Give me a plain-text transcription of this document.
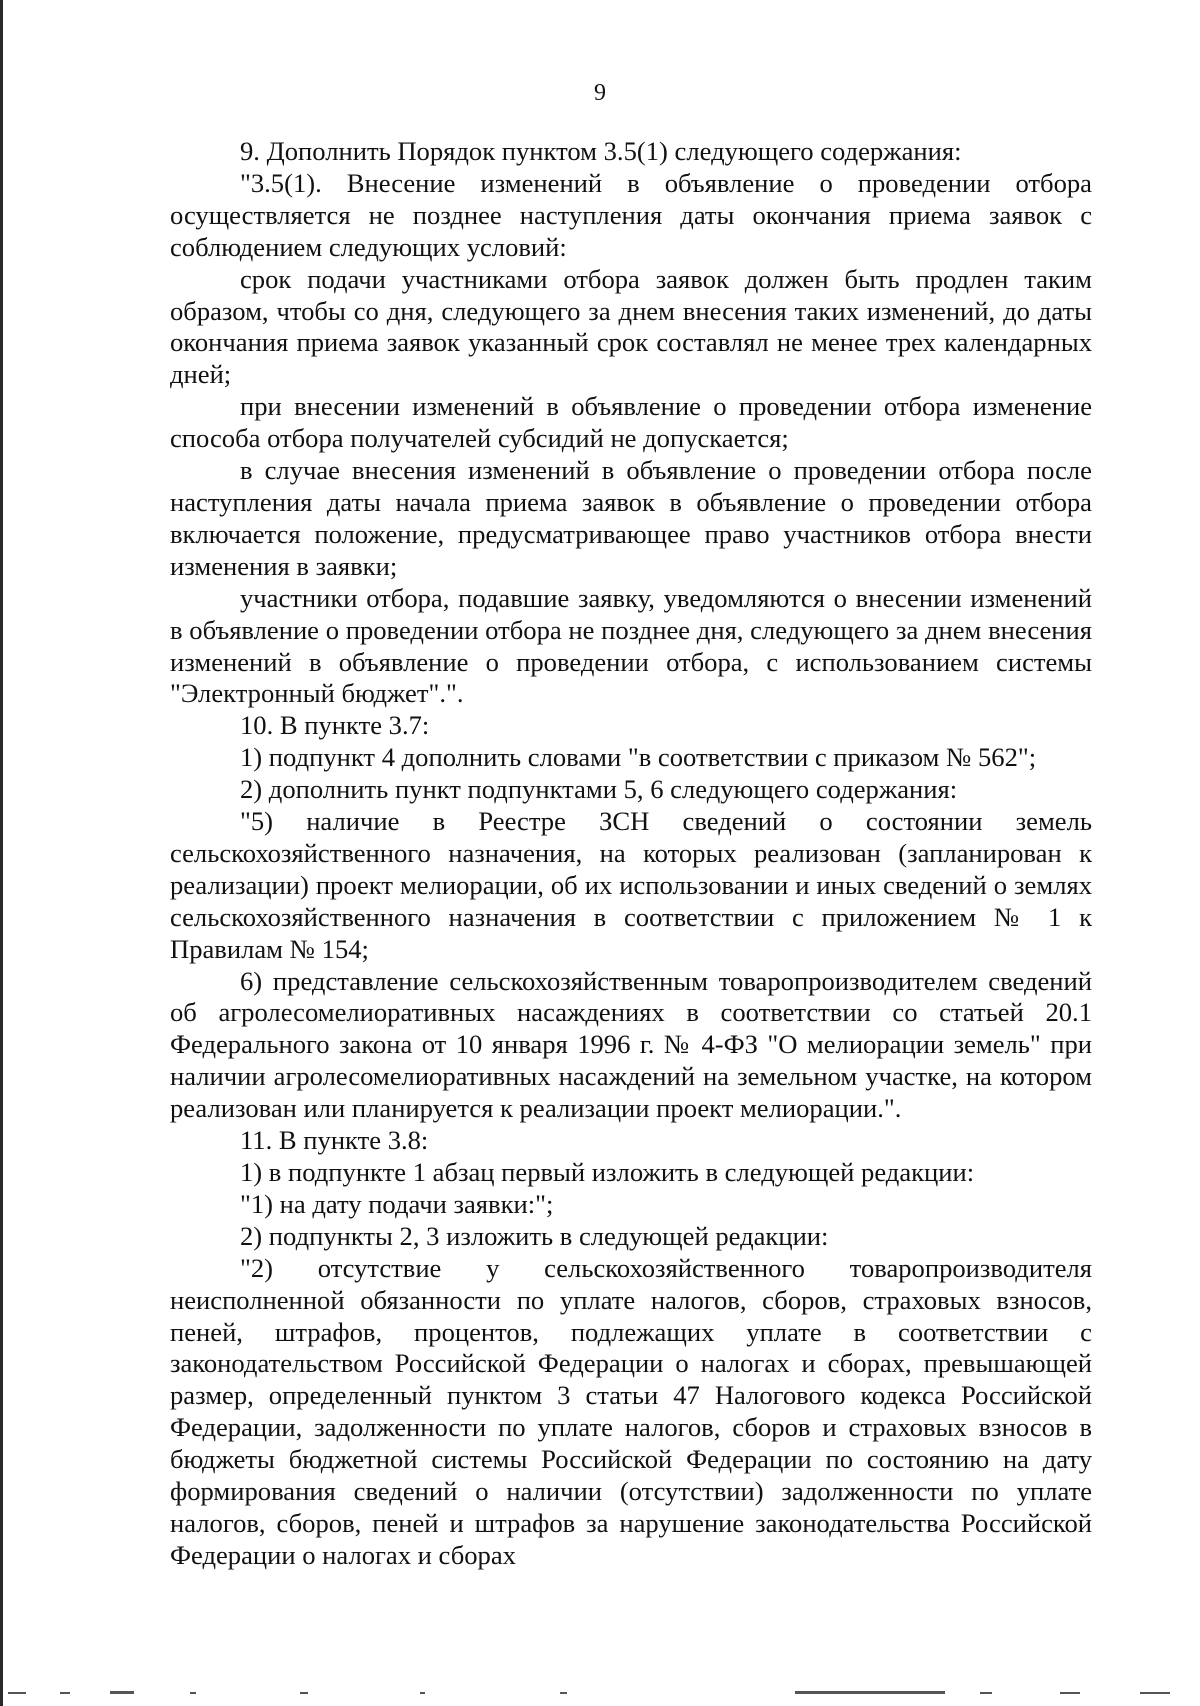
9

9. Дополнить Порядок пунктом 3.5(1) следующего содержания:

"3.5(1). Внесение изменений в объявление о проведении отбора осуществляется не позднее наступления даты окончания приема заявок с соблюдением следующих условий:

срок подачи участниками отбора заявок должен быть продлен таким образом, чтобы со дня, следующего за днем внесения таких изменений, до даты окончания приема заявок указанный срок составлял не менее трех календарных дней;

при внесении изменений в объявление о проведении отбора изменение способа отбора получателей субсидий не допускается;

в случае внесения изменений в объявление о проведении отбора после наступления даты начала приема заявок в объявление о проведении отбора включается положение, предусматривающее право участников отбора внести изменения в заявки;

участники отбора, подавшие заявку, уведомляются о внесении изменений в объявление о проведении отбора не позднее дня, следующего за днем внесения изменений в объявление о проведении отбора, с использованием системы "Электронный бюджет".".

10. В пункте 3.7:

1) подпункт 4 дополнить словами "в соответствии с приказом № 562";

2) дополнить пункт подпунктами 5, 6 следующего содержания:

"5) наличие в Реестре ЗСН сведений о состоянии земель сельскохозяйственного назначения, на которых реализован (запланирован к реализации) проект мелиорации, об их использовании и иных сведений о землях сельскохозяйственного назначения в соответствии с приложением № 1 к Правилам № 154;

6) представление сельскохозяйственным товаропроизводителем сведений об агролесомелиоративных насаждениях в соответствии со статьей 20.1 Федерального закона от 10 января 1996 г. № 4-ФЗ "О мелиорации земель" при наличии агролесомелиоративных насаждений на земельном участке, на котором реализован или планируется к реализации проект мелиорации.".

11. В пункте 3.8:

1) в подпункте 1 абзац первый изложить в следующей редакции:

"1) на дату подачи заявки:";

2) подпункты 2, 3 изложить в следующей редакции:

"2) отсутствие у сельскохозяйственного товаропроизводителя неисполненной обязанности по уплате налогов, сборов, страховых взносов, пеней, штрафов, процентов, подлежащих уплате в соответствии с законодательством Российской Федерации о налогах и сборах, превышающей размер, определенный пунктом 3 статьи 47 Налогового кодекса Российской Федерации, задолженности по уплате налогов, сборов и страховых взносов в бюджеты бюджетной системы Российской Федерации по состоянию на дату формирования сведений о наличии (отсутствии) задолженности по уплате налогов, сборов, пеней и штрафов за нарушение законодательства Российской Федерации о налогах и сборах
